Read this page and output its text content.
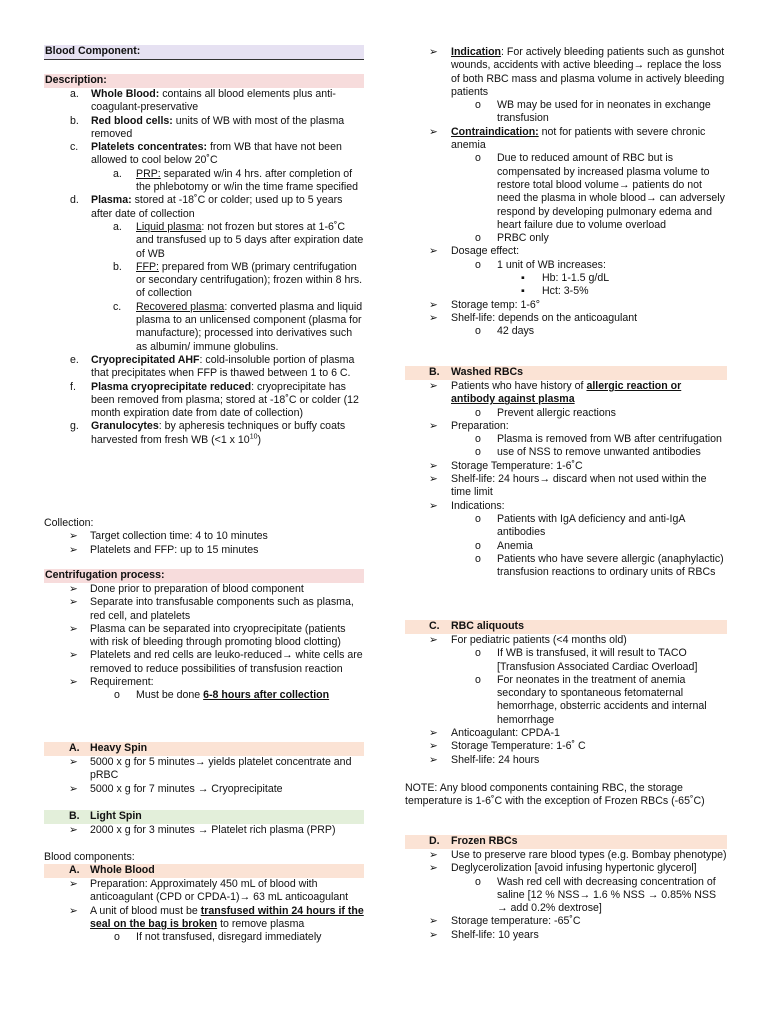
Blood Component:
Description:
a. Whole Blood: contains all blood elements plus anti-coagulant-preservative
b. Red blood cells: units of WB with most of the plasma removed
c. Platelets concentrates: from WB that have not been allowed to cool below 20˚C
a. PRP: separated w/in 4 hrs. after completion of the phlebotomy or w/in the time frame specified
d. Plasma: stored at -18˚C or colder; used up to 5 years after date of collection
a. Liquid plasma: not frozen but stores at 1-6˚C and transfused up to 5 days after expiration date of WB
b. FFP: prepared from WB (primary centrifugation or secondary centrifugation); frozen within 8 hrs. of collection
c. Recovered plasma: converted plasma and liquid plasma to an unlicensed component (plasma for manufacture); processed into derivatives such as albumin/ immune globulins.
e. Cryoprecipitated AHF: cold-insoluble portion of plasma that precipitates when FFP is thawed between 1 to 6 C.
f. Plasma cryoprecipitate reduced: cryoprecipitate has been removed from plasma; stored at -18˚C or colder (12 month expiration date from date of collection)
g. Granulocytes: by apheresis techniques or buffy coats harvested from fresh WB (<1 x $10^{10}$)
Collection:
➢ Target collection time: 4 to 10 minutes
➢ Platelets and FFP: up to 15 minutes
Centrifugation process:
➢ Done prior to preparation of blood component
➢ Separate into transfusable components such as plasma, red cell, and platelets
➢ Plasma can be separated into cryoprecipitate (patients with risk of bleeding through promoting blood clotting)
➢ Platelets and red cells are leuko-reduced→ white cells are removed to reduce possibilities of transfusion reaction
➢ Requirement:
o Must be done 6-8 hours after collection
A. Heavy Spin
➢ 5000 x g for 5 minutes→ yields platelet concentrate and pRBC
➢ 5000 x g for 7 minutes → Cryoprecipitate
B. Light Spin
➢ 2000 x g for 3 minutes → Platelet rich plasma (PRP)
Blood components:
A. Whole Blood
➢ Preparation: Approximately 450 mL of blood with anticoagulant (CPD or CPDA-1)→ 63 mL anticoagulant
➢ A unit of blood must be transfused within 24 hours if the seal on the bag is broken to remove plasma
o If not transfused, disregard immediately
➢ Indication: For actively bleeding patients such as gunshot wounds, accidents with active bleeding→ replace the loss of both RBC mass and plasma volume in actively bleeding patients
o WB may be used for in neonates in exchange transfusion
➢ Contraindication: not for patients with severe chronic anemia
o Due to reduced amount of RBC but is compensated by increased plasma volume to restore total blood volume→ patients do not need the plasma in whole blood→ can adversely respond by developing pulmonary edema and heart failure due to volume overload
o PRBC only
➢ Dosage effect:
o 1 unit of WB increases:
▪ Hb: 1-1.5 g/dL
▪ Hct: 3-5%
➢ Storage temp: 1-6°
➢ Shelf-life: depends on the anticoagulant
o 42 days
B. Washed RBCs
➢ Patients who have history of allergic reaction or antibody against plasma
o Prevent allergic reactions
➢ Preparation:
o Plasma is removed from WB after centrifugation
o use of NSS to remove unwanted antibodies
➢ Storage Temperature: 1-6˚C
➢ Shelf-life: 24 hours→ discard when not used within the time limit
➢ Indications:
o Patients with IgA deficiency and anti-IgA antibodies
o Anemia
o Patients who have severe allergic (anaphylactic) transfusion reactions to ordinary units of RBCs
C. RBC aliquouts
➢ For pediatric patients (<4 months old)
o If WB is transfused, it will result to TACO [Transfusion Associated Cardiac Overload]
o For neonates in the treatment of anemia secondary to spontaneous fetomaternal hemorrhage, obsterric accidents and internal hemorrhage
➢ Anticoagulant: CPDA-1
➢ Storage Temperature: 1-6˚ C
➢ Shelf-life: 24 hours
NOTE: Any blood components containing RBC, the storage temperature is 1-6˚C with the exception of Frozen RBCs (-65˚C)
D. Frozen RBCs
➢ Use to preserve rare blood types (e.g. Bombay phenotype)
➢ Deglycerolization [avoid infusing hypertonic glycerol]
o Wash red cell with decreasing concentration of saline [12 % NSS→ 1.6 % NSS → 0.85% NSS → add 0.2% dextrose]
➢ Storage temperature: -65˚C
➢ Shelf-life: 10 years
